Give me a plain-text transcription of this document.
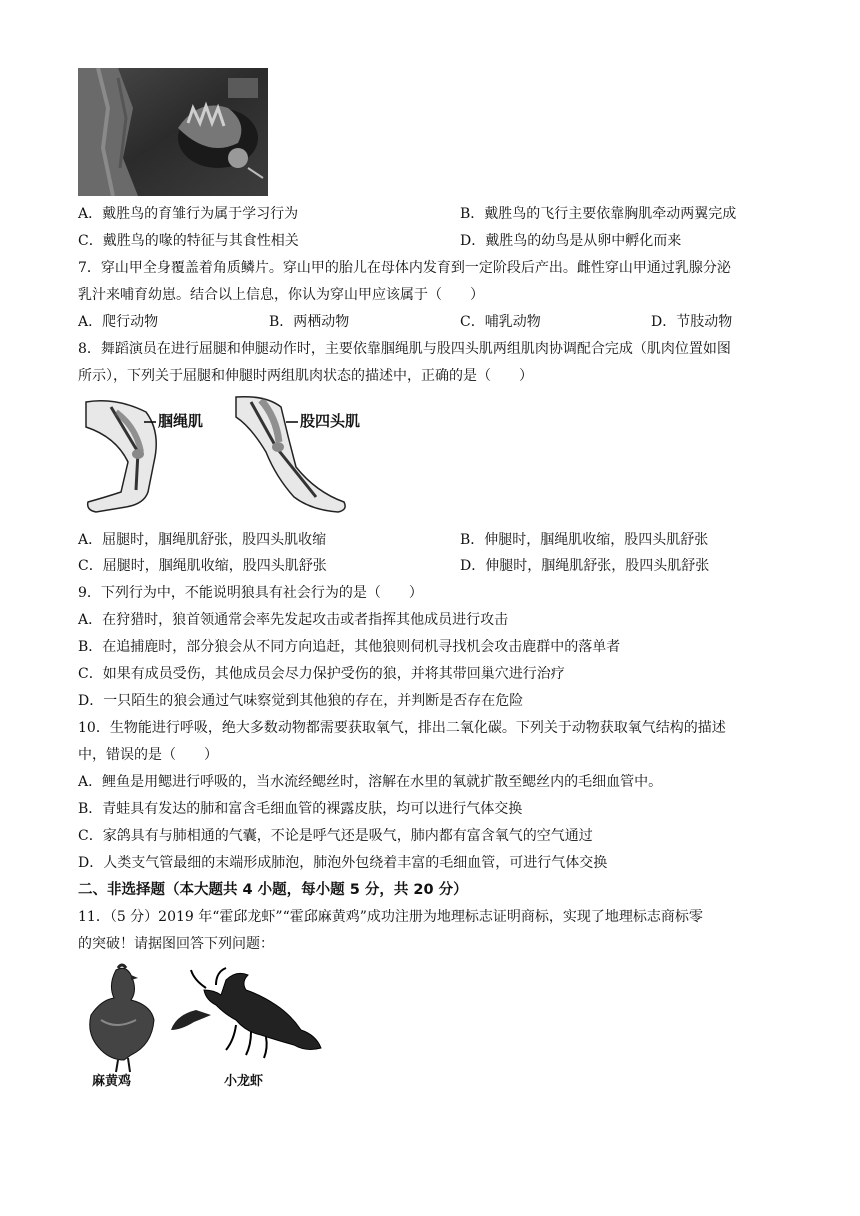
A．戴胜鸟的育雏行为属于学习行为	B．戴胜鸟的飞行主要依靠胸肌牵动两翼完成
C．戴胜鸟的喙的特征与其食性相关	D．戴胜鸟的幼鸟是从卵中孵化而来
7．穿山甲全身覆盖着角质鳞片。穿山甲的胎儿在母体内发育到一定阶段后产出。雌性穿山甲通过乳腺分泌
乳汁来哺育幼崽。结合以上信息，你认为穿山甲应该属于（　　）
A．爬行动物	B．两栖动物	C．哺乳动物	D．节肢动物
8．舞蹈演员在进行屈腿和伸腿动作时，主要依靠腘绳肌与股四头肌两组肌肉协调配合完成（肌肉位置如图
所示），下列关于屈腿和伸腿时两组肌肉状态的描述中，正确的是（　　）
腘绳肌	股四头肌
A．屈腿时，腘绳肌舒张，股四头肌收缩	B．伸腿时，腘绳肌收缩，股四头肌舒张
C．屈腿时，腘绳肌收缩，股四头肌舒张	D．伸腿时，腘绳肌舒张，股四头肌舒张
9．下列行为中，不能说明狼具有社会行为的是（　　）
A．在狩猎时，狼首领通常会率先发起攻击或者指挥其他成员进行攻击
B．在追捕鹿时，部分狼会从不同方向追赶，其他狼则伺机寻找机会攻击鹿群中的落单者
C．如果有成员受伤，其他成员会尽力保护受伤的狼，并将其带回巢穴进行治疗
D．一只陌生的狼会通过气味察觉到其他狼的存在，并判断是否存在危险
10．生物能进行呼吸，绝大多数动物都需要获取氧气，排出二氧化碳。下列关于动物获取氧气结构的描述
中，错误的是（　　）
A．鲤鱼是用鳃进行呼吸的，当水流经鳃丝时，溶解在水里的氧就扩散至鳃丝内的毛细血管中。
B．青蛙具有发达的肺和富含毛细血管的裸露皮肤，均可以进行气体交换
C．家鸽具有与肺相通的气囊，不论是呼气还是吸气，肺内都有富含氧气的空气通过
D．人类支气管最细的末端形成肺泡，肺泡外包绕着丰富的毛细血管，可进行气体交换
二、非选择题（本大题共 4 小题，每小题 5 分，共 20 分）
11．（5 分）2019 年“霍邱龙虾”“霍邱麻黄鸡”成功注册为地理标志证明商标，实现了地理标志商标零
的突破！请据图回答下列问题：
麻黄鸡	小龙虾
